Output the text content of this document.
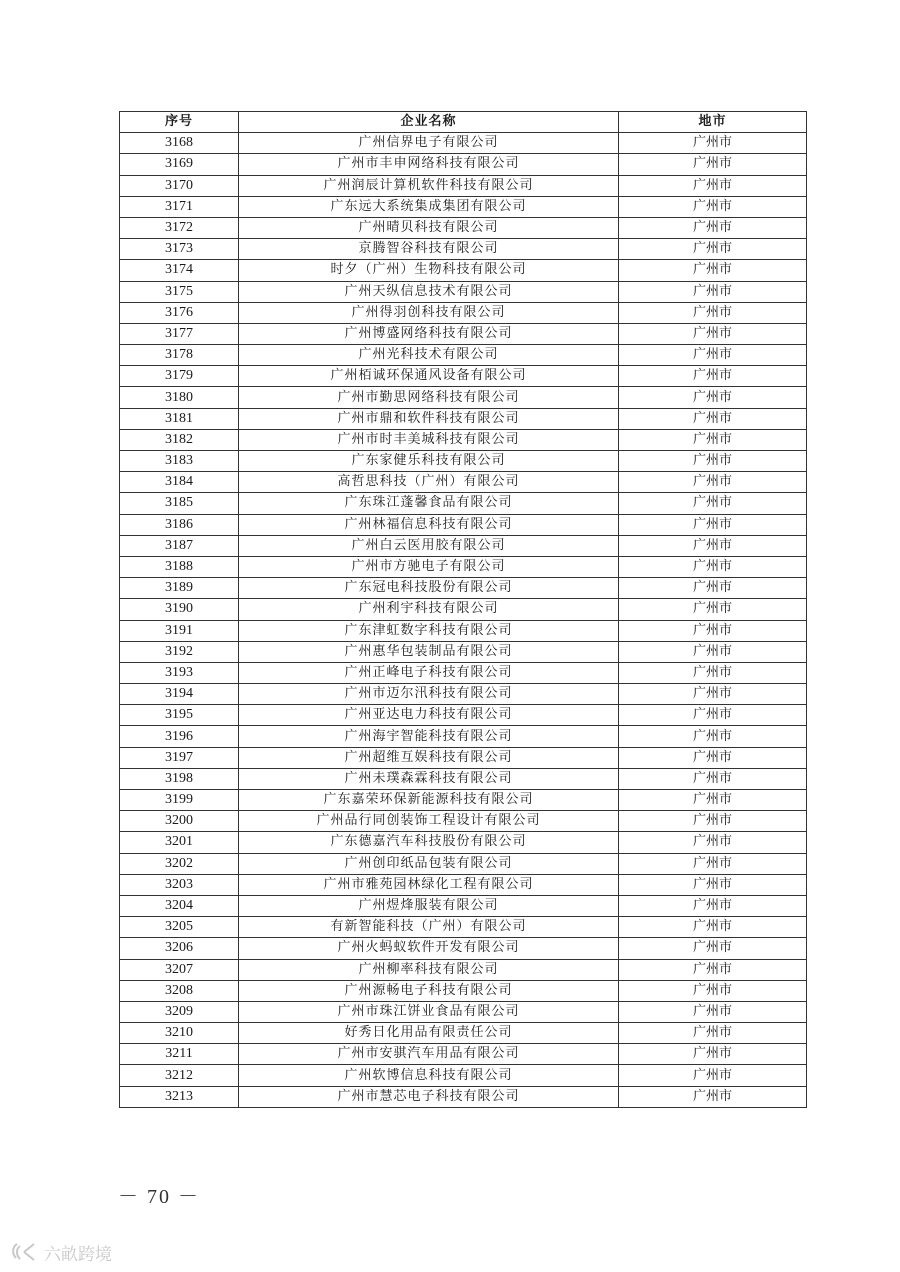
序号	企业名称	地市
3168	广州信界电子有限公司	广州市
3169	广州市丰申网络科技有限公司	广州市
3170	广州润辰计算机软件科技有限公司	广州市
3171	广东远大系统集成集团有限公司	广州市
3172	广州晴贝科技有限公司	广州市
3173	京腾智谷科技有限公司	广州市
3174	时夕（广州）生物科技有限公司	广州市
3175	广州天纵信息技术有限公司	广州市
3176	广州得羽创科技有限公司	广州市
3177	广州博盛网络科技有限公司	广州市
3178	广州光科技术有限公司	广州市
3179	广州栢诚环保通风设备有限公司	广州市
3180	广州市勤思网络科技有限公司	广州市
3181	广州市鼎和软件科技有限公司	广州市
3182	广州市时丰美城科技有限公司	广州市
3183	广东家健乐科技有限公司	广州市
3184	高哲思科技（广州）有限公司	广州市
3185	广东珠江蓬馨食品有限公司	广州市
3186	广州林福信息科技有限公司	广州市
3187	广州白云医用胶有限公司	广州市
3188	广州市方驰电子有限公司	广州市
3189	广东冠电科技股份有限公司	广州市
3190	广州利宇科技有限公司	广州市
3191	广东津虹数字科技有限公司	广州市
3192	广州惠华包装制品有限公司	广州市
3193	广州正峰电子科技有限公司	广州市
3194	广州市迈尔汛科技有限公司	广州市
3195	广州亚达电力科技有限公司	广州市
3196	广州海宇智能科技有限公司	广州市
3197	广州超维互娱科技有限公司	广州市
3198	广州未璞森霖科技有限公司	广州市
3199	广东嘉荣环保新能源科技有限公司	广州市
3200	广州品行同创装饰工程设计有限公司	广州市
3201	广东德嘉汽车科技股份有限公司	广州市
3202	广州创印纸品包装有限公司	广州市
3203	广州市雅苑园林绿化工程有限公司	广州市
3204	广州煜烽服装有限公司	广州市
3205	有新智能科技（广州）有限公司	广州市
3206	广州火蚂蚁软件开发有限公司	广州市
3207	广州柳率科技有限公司	广州市
3208	广州源畅电子科技有限公司	广州市
3209	广州市珠江饼业食品有限公司	广州市
3210	好秀日化用品有限责任公司	广州市
3211	广州市安骐汽车用品有限公司	广州市
3212	广州软博信息科技有限公司	广州市
3213	广州市慧芯电子科技有限公司	广州市
－ 70 －
六畝跨境
